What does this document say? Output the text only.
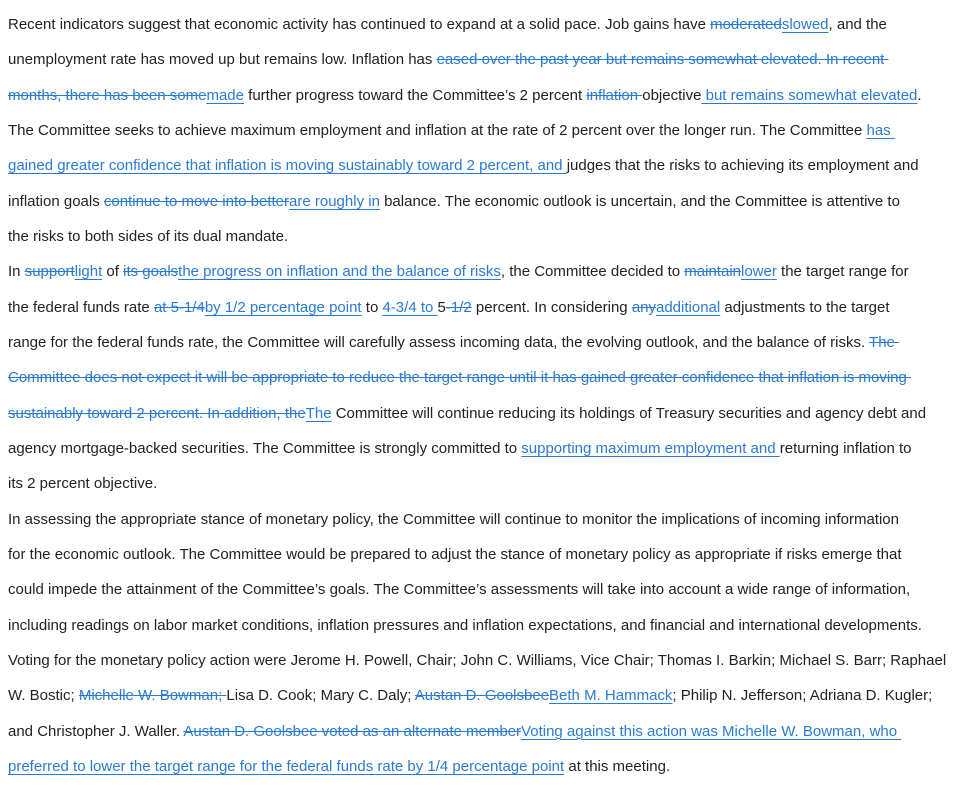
Recent indicators suggest that economic activity has continued to expand at a solid pace. Job gains have moderatedslowed, and the
unemployment rate has moved up but remains low. Inflation has eased over the past year but remains somewhat elevated. In recent
months, there has been somemade further progress toward the Committee’s 2 percent inflation objective but remains somewhat elevated.
The Committee seeks to achieve maximum employment and inflation at the rate of 2 percent over the longer run. The Committee has
gained greater confidence that inflation is moving sustainably toward 2 percent, and judges that the risks to achieving its employment and
inflation goals continue to move into betterare roughly in balance. The economic outlook is uncertain, and the Committee is attentive to
the risks to both sides of its dual mandate.
In supportlight of its goalsthe progress on inflation and the balance of risks, the Committee decided to maintainlower the target range for
the federal funds rate at 5-1/4by 1/2 percentage point to 4-3/4 to 5-1/2 percent. In considering anyadditional adjustments to the target
range for the federal funds rate, the Committee will carefully assess incoming data, the evolving outlook, and the balance of risks. The
Committee does not expect it will be appropriate to reduce the target range until it has gained greater confidence that inflation is moving
sustainably toward 2 percent. In addition, theThe Committee will continue reducing its holdings of Treasury securities and agency debt and
agency mortgage-backed securities. The Committee is strongly committed to supporting maximum employment and returning inflation to
its 2 percent objective.
In assessing the appropriate stance of monetary policy, the Committee will continue to monitor the implications of incoming information
for the economic outlook. The Committee would be prepared to adjust the stance of monetary policy as appropriate if risks emerge that
could impede the attainment of the Committee’s goals. The Committee’s assessments will take into account a wide range of information,
including readings on labor market conditions, inflation pressures and inflation expectations, and financial and international developments.
Voting for the monetary policy action were Jerome H. Powell, Chair; John C. Williams, Vice Chair; Thomas I. Barkin; Michael S. Barr; Raphael
W. Bostic; Michelle W. Bowman; Lisa D. Cook; Mary C. Daly; Austan D. GoolsbeeBeth M. Hammack; Philip N. Jefferson; Adriana D. Kugler;
and Christopher J. Waller. Austan D. Goolsbee voted as an alternate memberVoting against this action was Michelle W. Bowman, who
preferred to lower the target range for the federal funds rate by 1/4 percentage point at this meeting.
